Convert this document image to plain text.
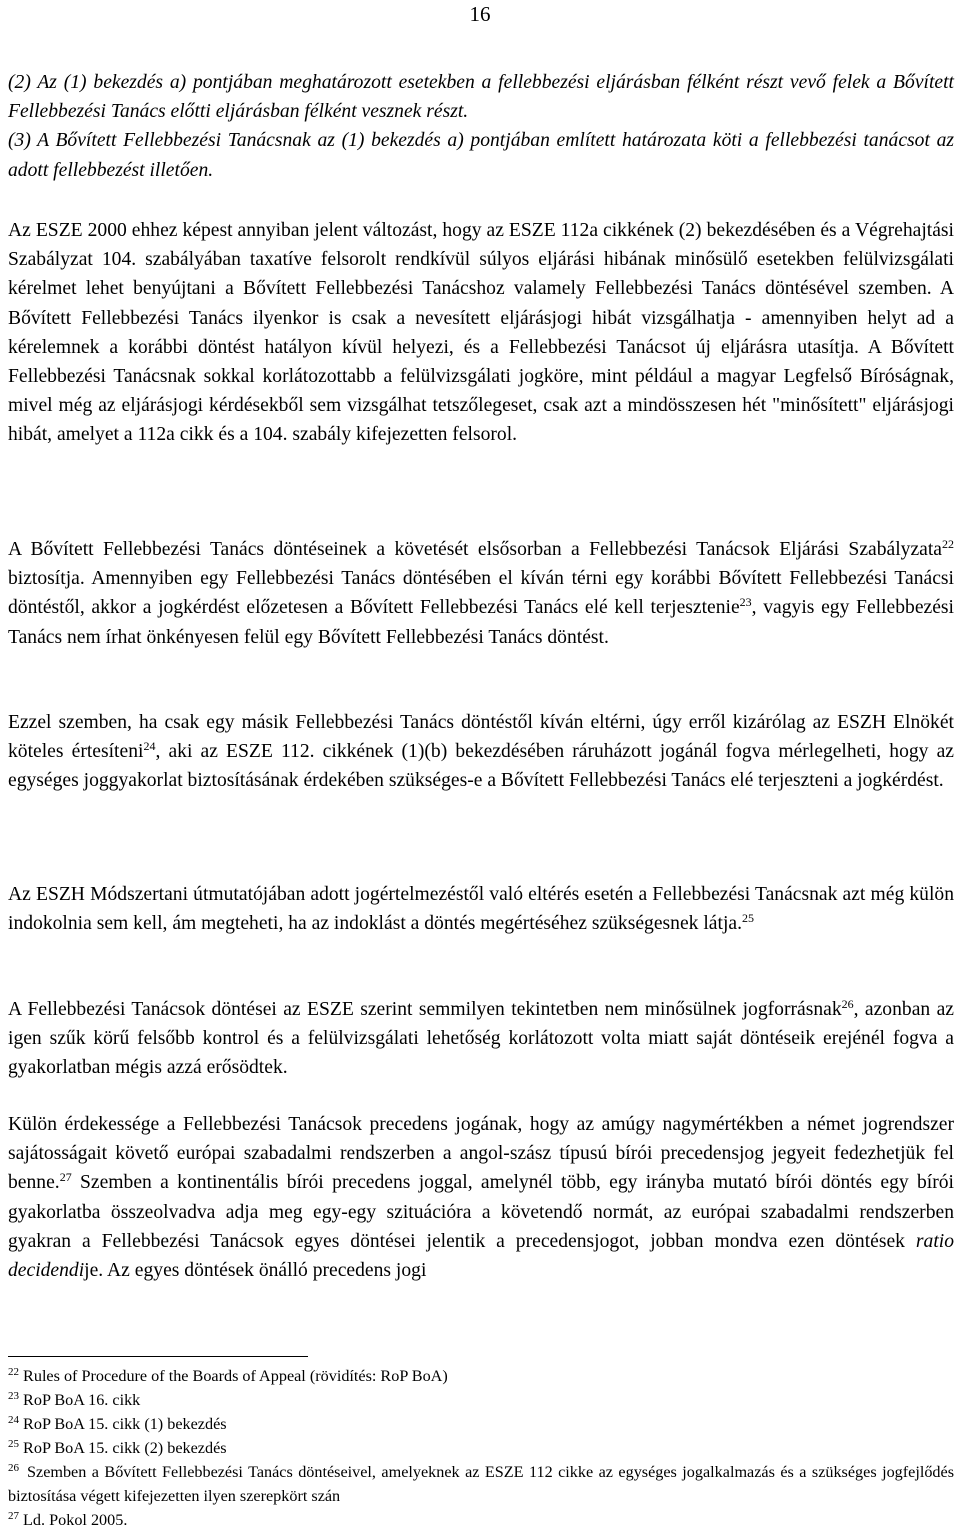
16

(2) Az (1) bekezdés a) pontjában meghatározott esetekben a fellebbezési eljárásban félként részt vevő felek a Bővített Fellebbezési Tanács előtti eljárásban félként vesznek részt.

(3) A Bővített Fellebbezési Tanácsnak az (1) bekezdés a) pontjában említett határozata köti a fellebbezési tanácsot az adott fellebbezést illetően.

Az ESZE 2000 ehhez képest annyiban jelent változást, hogy az ESZE 112a cikkének (2) bekezdésében és a Végrehajtási Szabályzat 104. szabályában taxatíve felsorolt rendkívül súlyos eljárási hibának minősülő esetekben felülvizsgálati kérelmet lehet benyújtani a Bővített Fellebbezési Tanácshoz valamely Fellebbezési Tanács döntésével szemben. A Bővített Fellebbezési Tanács ilyenkor is csak a nevesített eljárásjogi hibát vizsgálhatja - amennyiben helyt ad a kérelemnek a korábbi döntést hatályon kívül helyezi, és a Fellebbezési Tanácsot új eljárásra utasítja. A Bővített Fellebbezési Tanácsnak sokkal korlátozottabb a felülvizsgálati jogköre, mint például a magyar Legfelső Bíróságnak, mivel még az eljárásjogi kérdésekből sem vizsgálhat tetszőlegeset, csak azt a mindösszesen hét "minősített" eljárásjogi hibát, amelyet a 112a cikk és a 104. szabály kifejezetten felsorol.

A Bővített Fellebbezési Tanács döntéseinek a követését elsősorban a Fellebbezési Tanácsok Eljárási Szabályzata$^{22}$ biztosítja. Amennyiben egy Fellebbezési Tanács döntésében el kíván térni egy korábbi Bővített Fellebbezési Tanácsi döntéstől, akkor a jogkérdést előzetesen a Bővített Fellebbezési Tanács elé kell terjesztenie$^{23}$, vagyis egy Fellebbezési Tanács nem írhat önkényesen felül egy Bővített Fellebbezési Tanács döntést.

Ezzel szemben, ha csak egy másik Fellebbezési Tanács döntéstől kíván eltérni, úgy erről kizárólag az ESZH Elnökét köteles értesíteni$^{24}$, aki az ESZE 112. cikkének (1)(b) bekezdésében ráruházott jogánál fogva mérlegelheti, hogy az egységes joggyakorlat biztosításának érdekében szükséges-e a Bővített Fellebbezési Tanács elé terjeszteni a jogkérdést.

Az ESZH Módszertani útmutatójában adott jogértelmezéstől való eltérés esetén a Fellebbezési Tanácsnak azt még külön indokolnia sem kell, ám megteheti, ha az indoklást a döntés megértéséhez szükségesnek látja.$^{25}$

A Fellebbezési Tanácsok döntései az ESZE szerint semmilyen tekintetben nem minősülnek jogforrásnak$^{26}$, azonban az igen szűk körű felsőbb kontrol és a felülvizsgálati lehetőség korlátozott volta miatt saját döntéseik erejénél fogva a gyakorlatban mégis azzá erősödtek.

Külön érdekessége a Fellebbezési Tanácsok precedens jogának, hogy az amúgy nagymértékben a német jogrendszer sajátosságait követő európai szabadalmi rendszerben a angol-szász típusú bírói precedensjog jegyeit fedezhetjük fel benne.$^{27}$ Szemben a kontinentális bírói precedens joggal, amelynél több, egy irányba mutató bírói döntés egy bírói gyakorlatba összeolvadva adja meg egy-egy szituációra a követendő normát, az európai szabadalmi rendszerben gyakran a Fellebbezési Tanácsok egyes döntései jelentik a precedensjogot, jobban mondva ezen döntések ratio decidendije. Az egyes döntések önálló precedens jogi

$^{22}$ Rules of Procedure of the Boards of Appeal (rövidítés: RoP BoA)

$^{23}$ RoP BoA 16. cikk

$^{24}$ RoP BoA 15. cikk (1) bekezdés

$^{25}$ RoP BoA 15. cikk (2) bekezdés

$^{26}$ Szemben a Bővített Fellebbezési Tanács döntéseivel, amelyeknek az ESZE 112 cikke az egységes jogalkalmazás és a szükséges jogfejlődés biztosítása végett kifejezetten ilyen szerepkört szán

$^{27}$ Ld. Pokol 2005.
